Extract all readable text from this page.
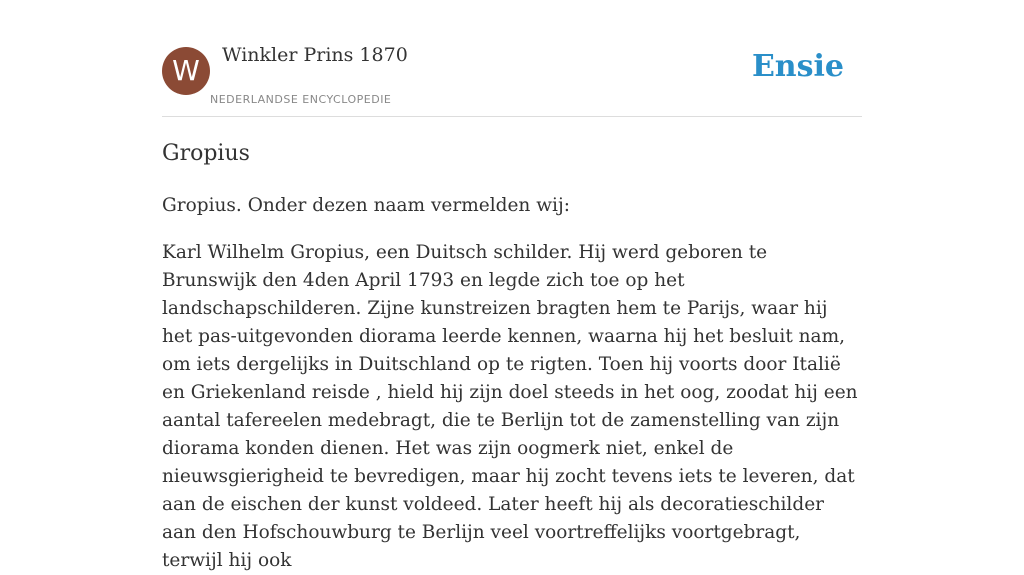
W	Winkler Prins 1870
NEDERLANDSE ENCYCLOPEDIE
Ensie
Gropius

Gropius. Onder dezen naam vermelden wij:

Karl Wilhelm Gropius, een Duitsch schilder. Hij werd geboren te Brunswijk den 4den April 1793 en legde zich toe op het landschapschilderen. Zijne kunstreizen bragten hem te Parijs, waar hij het pas-uitgevonden diorama leerde kennen, waarna hij het besluit nam, om iets dergelijks in Duitschland op te rigten. Toen hij voorts door Italië en Griekenland reisde , hield hij zijn doel steeds in het oog, zoodat hij een aantal tafereelen medebragt, die te Berlijn tot de zamenstelling van zijn diorama konden dienen. Het was zijn oogmerk niet, enkel de nieuwsgierigheid te bevredigen, maar hij zocht tevens iets te leveren, dat aan de eischen der kunst voldeed. Later heeft hij als decoratieschilder aan den Hofschouwburg te Berlijn veel voortreffelijks voortgebragt, terwijl hij ook
